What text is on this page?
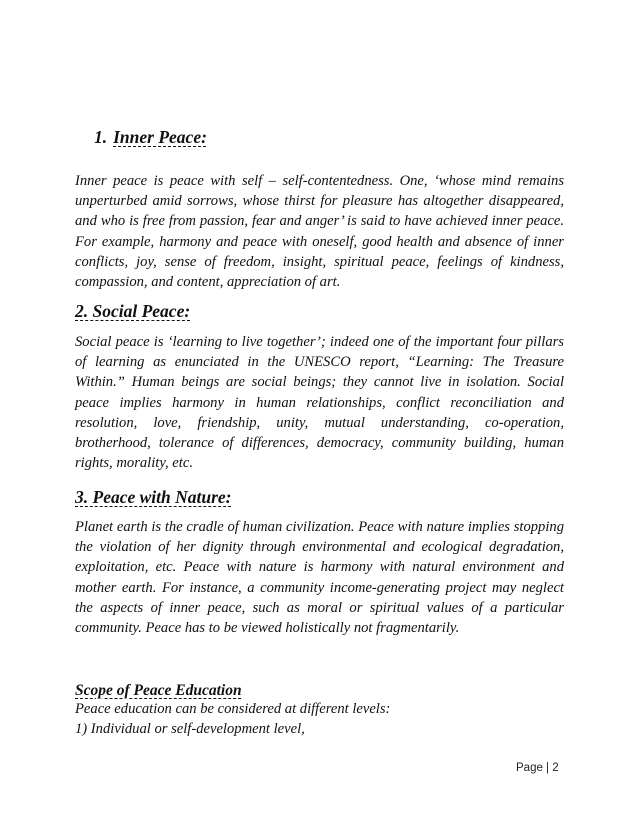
1. Inner Peace:

Inner peace is peace with self – self-contentedness. One, ‘whose mind remains unperturbed amid sorrows, whose thirst for pleasure has altogether disappeared, and who is free from passion, fear and anger’ is said to have achieved inner peace. For example, harmony and peace with oneself, good health and absence of inner conflicts, joy, sense of freedom, insight, spiritual peace, feelings of kindness, compassion, and content, appreciation of art.

2. Social Peace:

Social peace is ‘learning to live together’; indeed one of the important four pillars of learning as enunciated in the UNESCO report, “Learning: The Treasure Within.” Human beings are social beings; they cannot live in isolation. Social peace implies harmony in human relationships, conflict reconciliation and resolution, love, friendship, unity, mutual understanding, co-operation, brotherhood, tolerance of differences, democracy, community building, human rights, morality, etc.

3. Peace with Nature:

Planet earth is the cradle of human civilization. Peace with nature implies stopping the violation of her dignity through environmental and ecological degradation, exploitation, etc. Peace with nature is harmony with natural environment and mother earth. For instance, a community income-generating project may neglect the aspects of inner peace, such as moral or spiritual values of a particular community. Peace has to be viewed holistically not fragmentarily.

Scope of Peace Education

Peace education can be considered at different levels:
1) Individual or self-development level,

Page | 2
